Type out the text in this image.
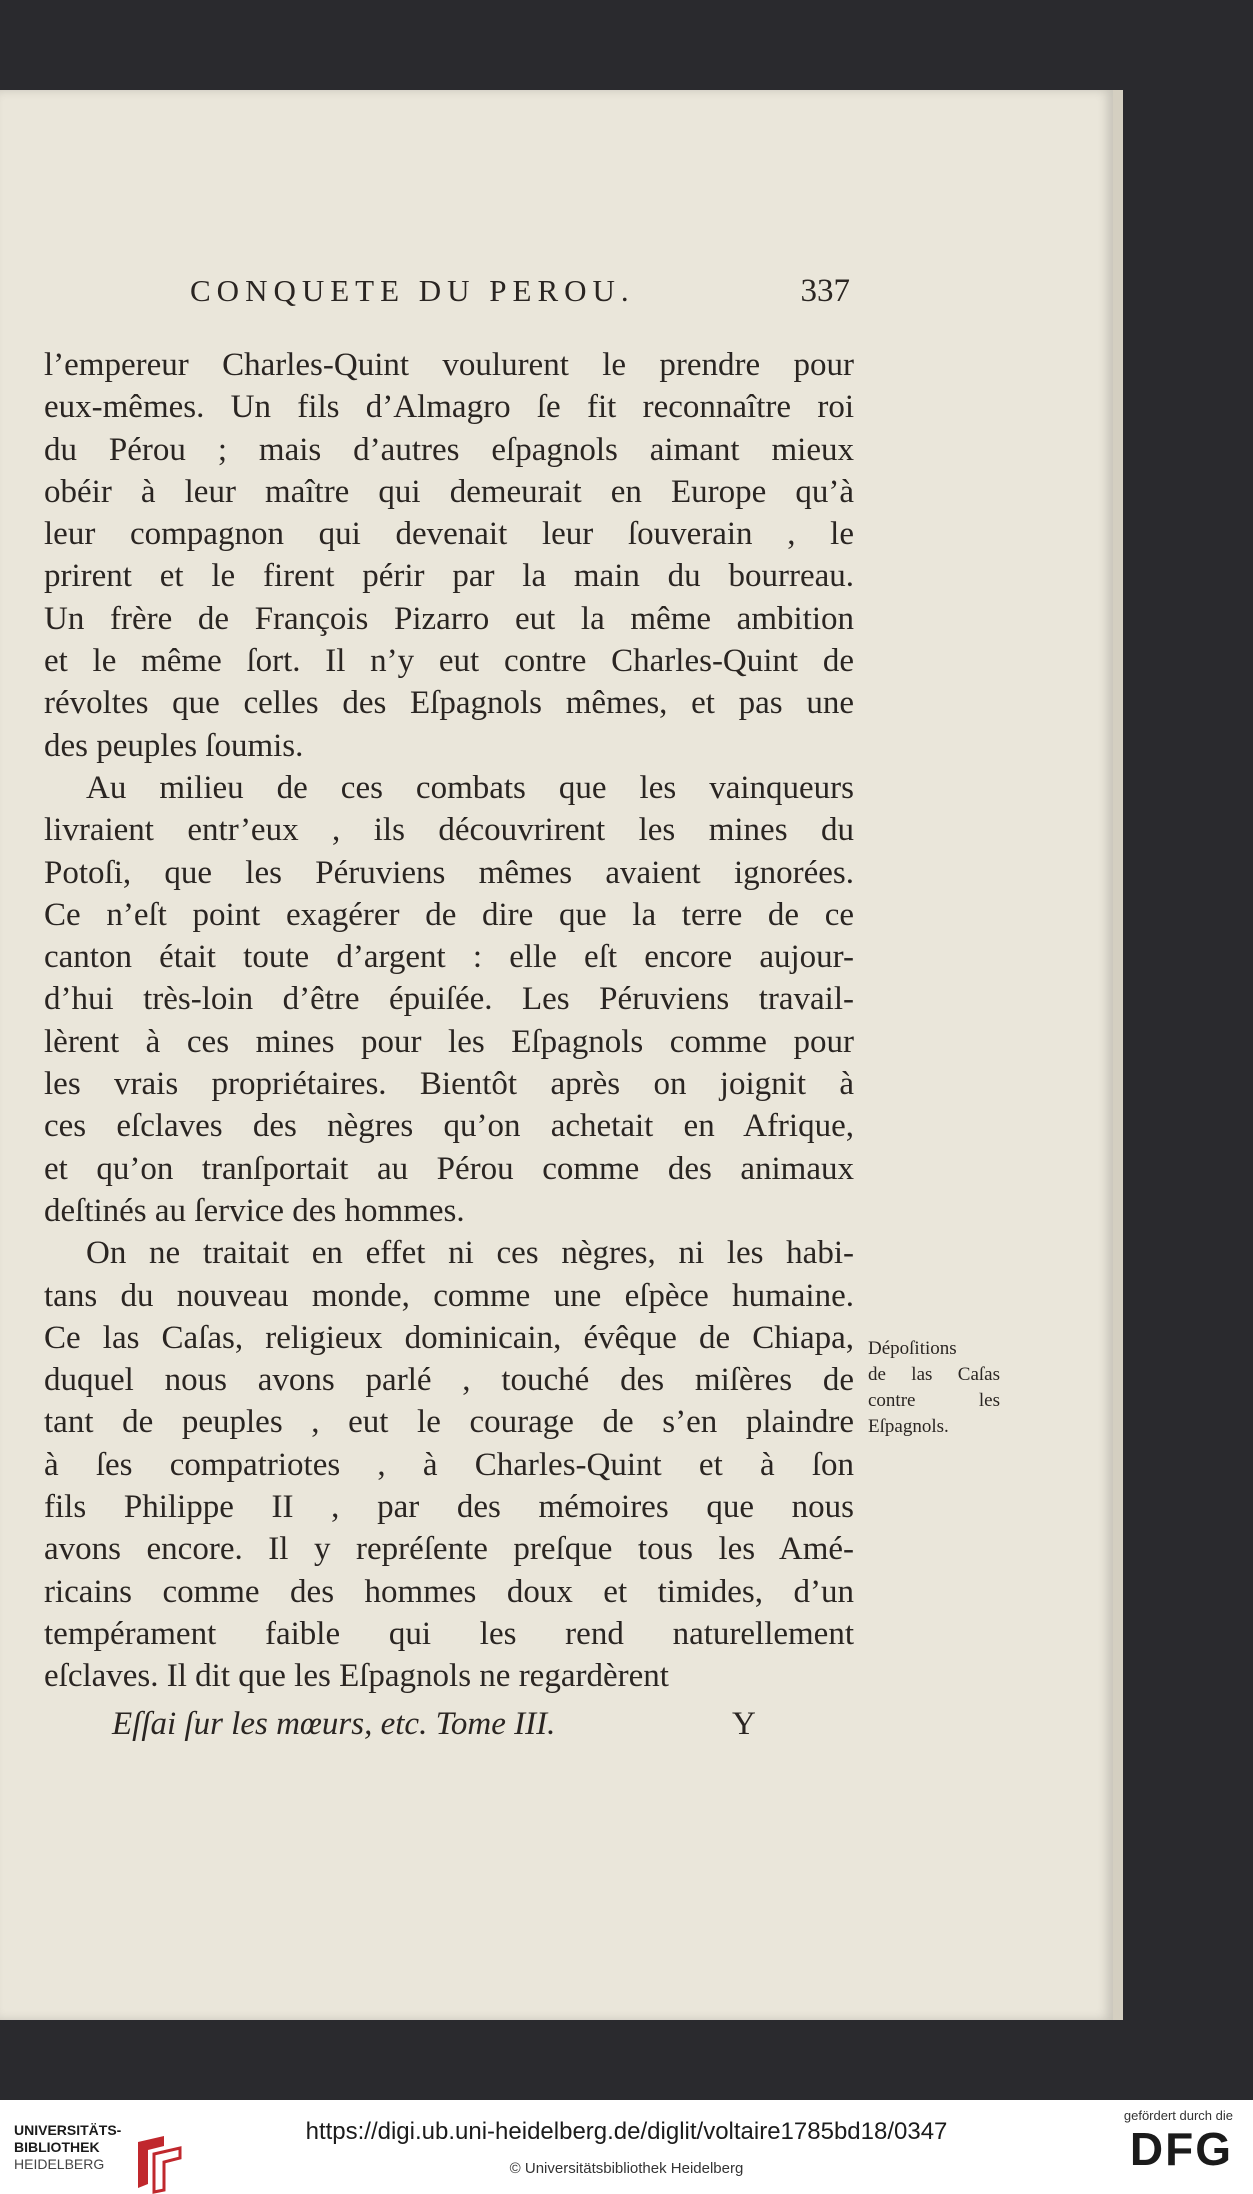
CONQUETE DU PEROU.	337
l’empereur Charles-Quint voulurent le prendre pour
eux-mêmes. Un fils d’Almagro ſe fit reconnaître roi
du Pérou ; mais d’autres eſpagnols aimant mieux
obéir à leur maître qui demeurait en Europe qu’à
leur compagnon qui devenait leur ſouverain , le
prirent et le firent périr par la main du bourreau.
Un frère de François Pizarro eut la même ambition
et le même ſort. Il n’y eut contre Charles-Quint de
révoltes que celles des Eſpagnols mêmes, et pas une
des peuples ſoumis.
Au milieu de ces combats que les vainqueurs
livraient entr’eux , ils découvrirent les mines du
Potoſi, que les Péruviens mêmes avaient ignorées.
Ce n’eſt point exagérer de dire que la terre de ce
canton était toute d’argent : elle eſt encore aujour-
d’hui très-loin d’être épuiſée. Les Péruviens travail-
lèrent à ces mines pour les Eſpagnols comme pour
les vrais propriétaires. Bientôt après on joignit à
ces eſclaves des nègres qu’on achetait en Afrique,
et qu’on tranſportait au Pérou comme des animaux
deſtinés au ſervice des hommes.
On ne traitait en effet ni ces nègres, ni les habi-
tans du nouveau monde, comme une eſpèce humaine.
Ce las Caſas, religieux dominicain, évêque de Chiapa,
duquel nous avons parlé , touché des miſères de
tant de peuples , eut le courage de s’en plaindre
à ſes compatriotes , à Charles-Quint et à ſon
fils Philippe II , par des mémoires que nous
avons encore. Il y repréſente preſque tous les Amé-
ricains comme des hommes doux et timides, d’un
tempérament faible qui les rend naturellement
eſclaves. Il dit que les Eſpagnols ne regardèrent
Dépoſitions
de las Caſas
contre les
Eſpagnols.
Eſſai ſur les mœurs, etc. Tome III.	Y
UNIVERSITÄTS-
BIBLIOTHEK
HEIDELBERG
https://digi.ub.uni-heidelberg.de/diglit/voltaire1785bd18/0347
© Universitätsbibliothek Heidelberg
gefördert durch die
DFG
